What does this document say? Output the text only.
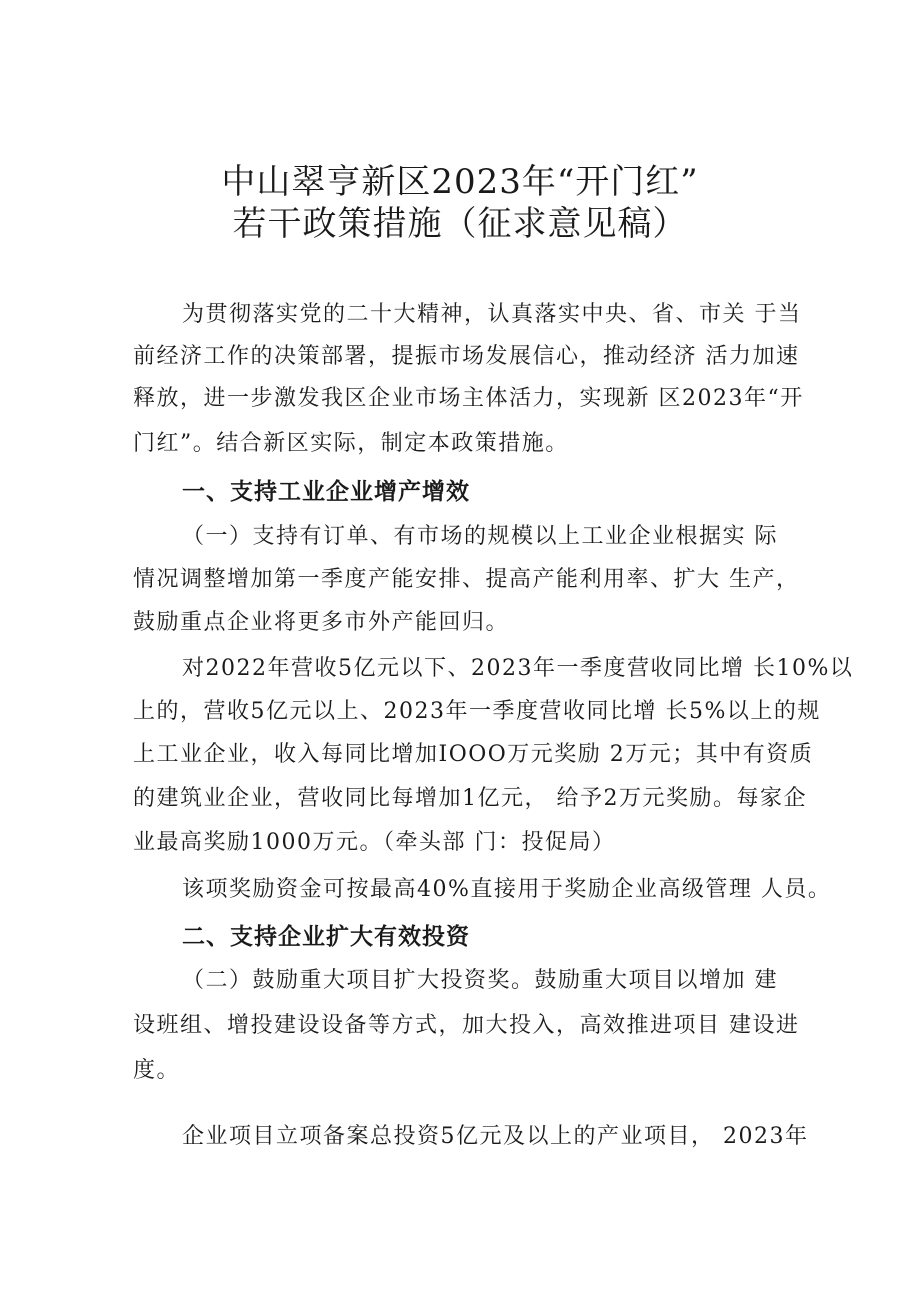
中山翠亨新区2023年“开门红”
若干政策措施（征求意见稿）
为贯彻落实党的二十大精神，认真落实中央、省、市关 于当
前经济工作的决策部署，提振市场发展信心，推动经济 活力加速
释放，进一步激发我区企业市场主体活力，实现新 区2023年“开
门红”。结合新区实际，制定本政策措施。
一、支持工业企业增产增效
（一）支持有订单、有市场的规模以上工业企业根据实 际
情况调整增加第一季度产能安排、提高产能利用率、扩大 生产，
鼓励重点企业将更多市外产能回归。
对2022年营收5亿元以下、2023年一季度营收同比增 长10%以
上的，营收5亿元以上、2023年一季度营收同比增 长5%以上的规
上工业企业，收入每同比增加IOOO万元奖励 2万元；其中有资质
的建筑业企业，营收同比每增加1亿元， 给予2万元奖励。每家企
业最高奖励1000万元。（牵头部 门：投促局）
该项奖励资金可按最高40%直接用于奖励企业高级管理 人员。
二、支持企业扩大有效投资
（二）鼓励重大项目扩大投资奖。鼓励重大项目以增加 建
设班组、增投建设设备等方式，加大投入，高效推进项目 建设进
度。
企业项目立项备案总投资5亿元及以上的产业项目， 2023年
